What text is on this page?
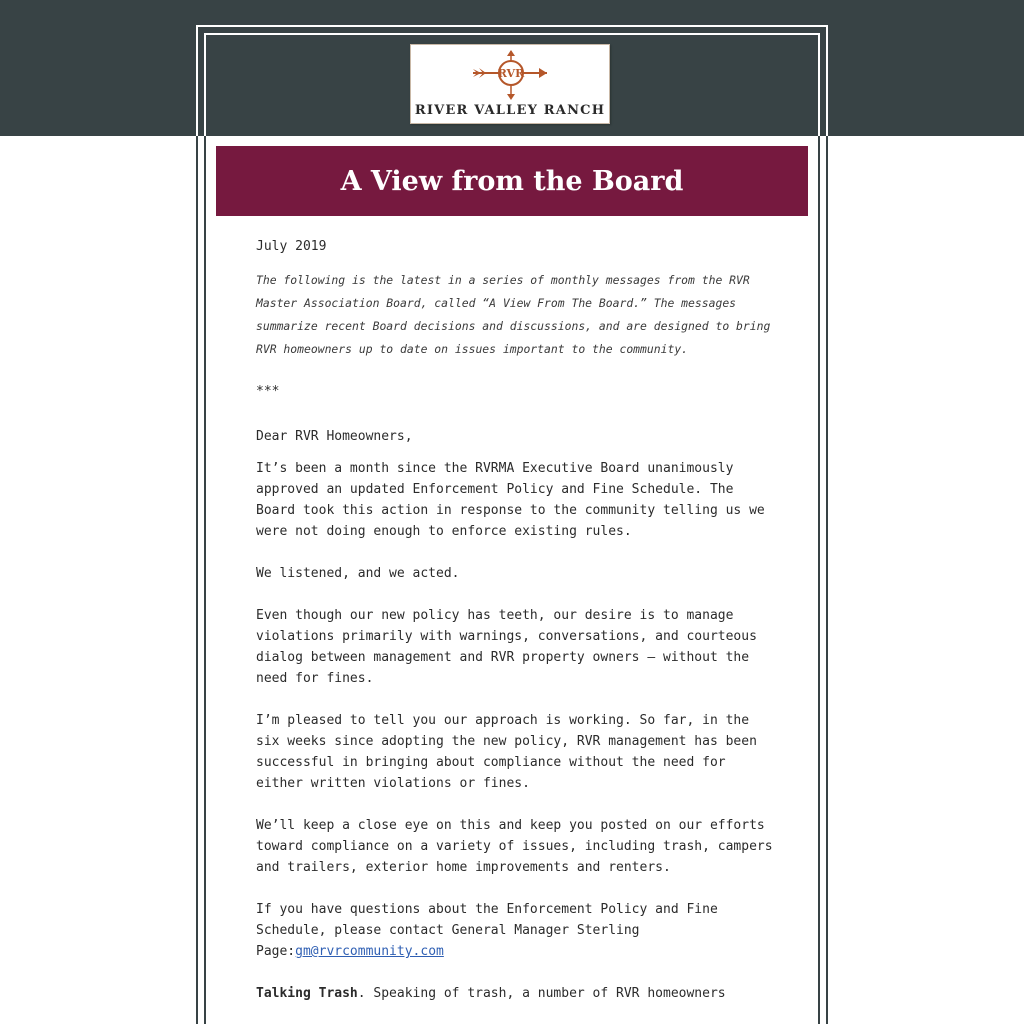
RVR
RIVER VALLEY RANCH
A View from the Board

July 2019

The following is the latest in a series of monthly messages from the RVR Master Association Board, called “A View From The Board.” The messages summarize recent Board decisions and discussions, and are designed to bring RVR homeowners up to date on issues important to the community.

***

Dear RVR Homeowners,

It’s been a month since the RVRMA Executive Board unanimously approved an updated Enforcement Policy and Fine Schedule. The Board took this action in response to the community telling us we were not doing enough to enforce existing rules.

We listened, and we acted.

Even though our new policy has teeth, our desire is to manage violations primarily with warnings, conversations, and courteous dialog between management and RVR property owners – without the need for fines.

I’m pleased to tell you our approach is working. So far, in the six weeks since adopting the new policy, RVR management has been successful in bringing about compliance without the need for either written violations or fines.

We’ll keep a close eye on this and keep you posted on our efforts toward compliance on a variety of issues, including trash, campers and trailers, exterior home improvements and renters.

If you have questions about the Enforcement Policy and Fine Schedule, please contact General Manager Sterling Page:gm@rvrcommunity.com

Talking Trash. Speaking of trash, a number of RVR homeowners
